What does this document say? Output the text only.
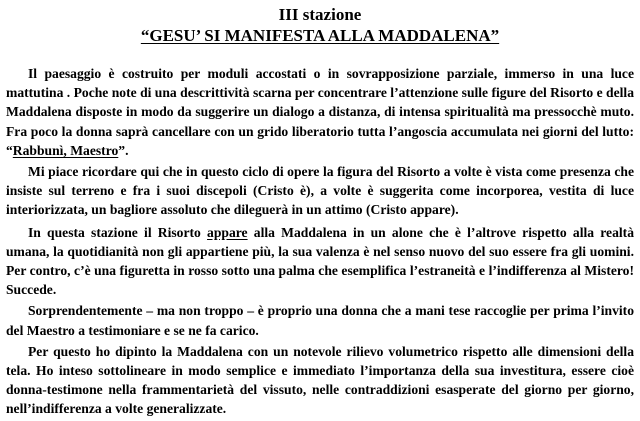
III stazione

“GESU’ SI MANIFESTA ALLA MADDALENA”

Il paesaggio è costruito per moduli accostati o in sovrapposizione parziale, immerso in una luce mattutina . Poche note di una descrittività scarna per concentrare l’attenzione sulle figure del Risorto e della Maddalena disposte in modo da suggerire un dialogo a distanza, di intensa spiritualità ma pressocchè muto. Fra poco la donna saprà cancellare con un grido liberatorio tutta l’angoscia accumulata nei giorni del lutto: “Rabbunì, Maestro”.

Mi piace ricordare qui che in questo ciclo di opere la figura del Risorto a volte è vista come presenza che insiste sul terreno e fra i suoi discepoli (Cristo è), a volte è suggerita come incorporea, vestita di luce interiorizzata, un bagliore assoluto che dileguerà in un attimo (Cristo appare).

In questa stazione il Risorto appare alla Maddalena in un alone che è l’altrove rispetto alla realtà umana, la quotidianità non gli appartiene più, la sua valenza è nel senso nuovo del suo essere fra gli uomini. Per contro, c’è una figuretta in rosso sotto una palma che esemplifica l’estraneità e l’indifferenza al Mistero! Succede.

Sorprendentemente – ma non troppo – è proprio una donna che a mani tese raccoglie per prima l’invito del Maestro a testimoniare e se ne fa carico.

Per questo ho dipinto la Maddalena con un notevole rilievo volumetrico rispetto alle dimensioni della tela. Ho inteso sottolineare in modo semplice e immediato l’importanza della sua investitura, essere cioè donna-testimone nella frammentarietà del vissuto, nelle contraddizioni esasperate del giorno per giorno, nell’indifferenza a volte generalizzate.
